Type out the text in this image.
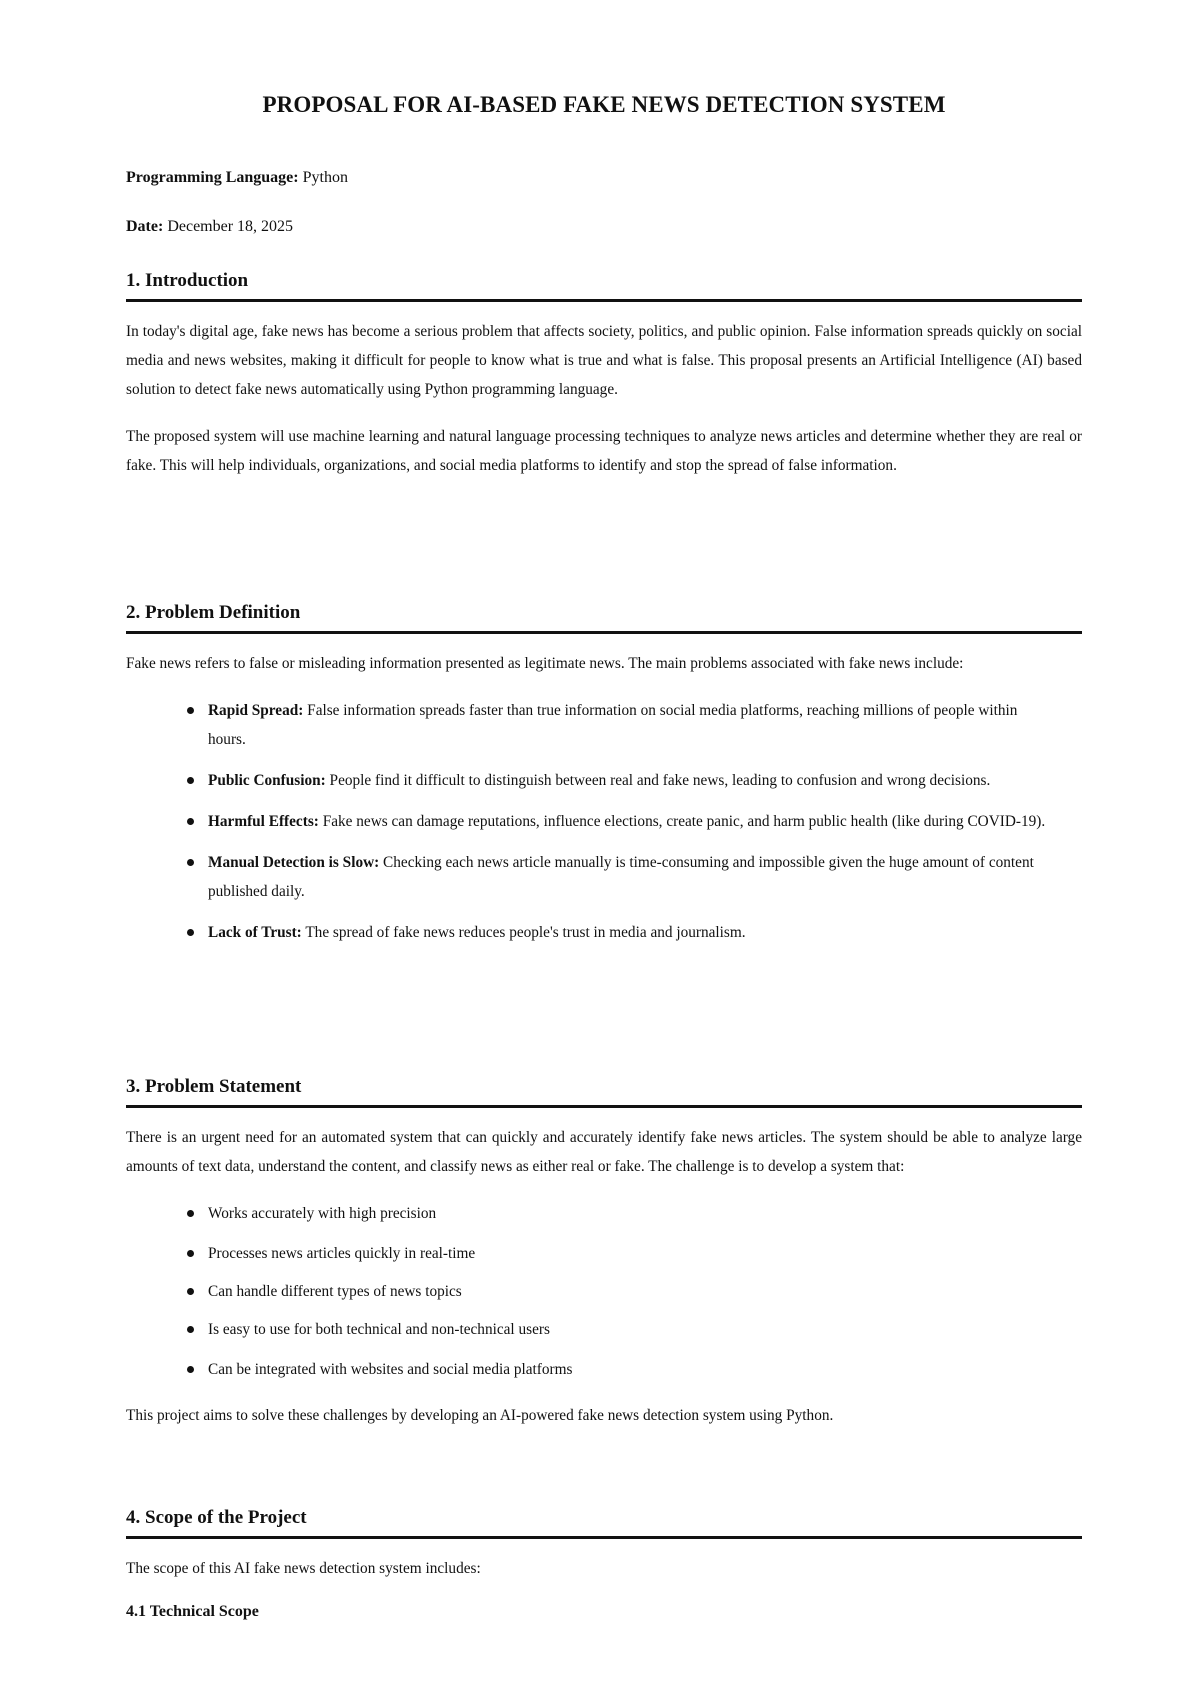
PROPOSAL FOR AI-BASED FAKE NEWS DETECTION SYSTEM
Programming Language: Python
Date: December 18, 2025
1. Introduction

In today's digital age, fake news has become a serious problem that affects society, politics, and public opinion. False information spreads quickly on social media and news websites, making it difficult for people to know what is true and what is false. This proposal presents an Artificial Intelligence (AI) based solution to detect fake news automatically using Python programming language.

The proposed system will use machine learning and natural language processing techniques to analyze news articles and determine whether they are real or fake. This will help individuals, organizations, and social media platforms to identify and stop the spread of false information.

2. Problem Definition

Fake news refers to false or misleading information presented as legitimate news. The main problems associated with fake news include:

Rapid Spread: False information spreads faster than true information on social media platforms, reaching millions of people within hours.
Public Confusion: People find it difficult to distinguish between real and fake news, leading to confusion and wrong decisions.
Harmful Effects: Fake news can damage reputations, influence elections, create panic, and harm public health (like during COVID-19).
Manual Detection is Slow: Checking each news article manually is time-consuming and impossible given the huge amount of content published daily.
Lack of Trust: The spread of fake news reduces people's trust in media and journalism.
3. Problem Statement

There is an urgent need for an automated system that can quickly and accurately identify fake news articles. The system should be able to analyze large amounts of text data, understand the content, and classify news as either real or fake. The challenge is to develop a system that:

Works accurately with high precision
Processes news articles quickly in real-time
Can handle different types of news topics
Is easy to use for both technical and non-technical users
Can be integrated with websites and social media platforms

This project aims to solve these challenges by developing an AI-powered fake news detection system using Python.

4. Scope of the Project

The scope of this AI fake news detection system includes:

4.1 Technical Scope
